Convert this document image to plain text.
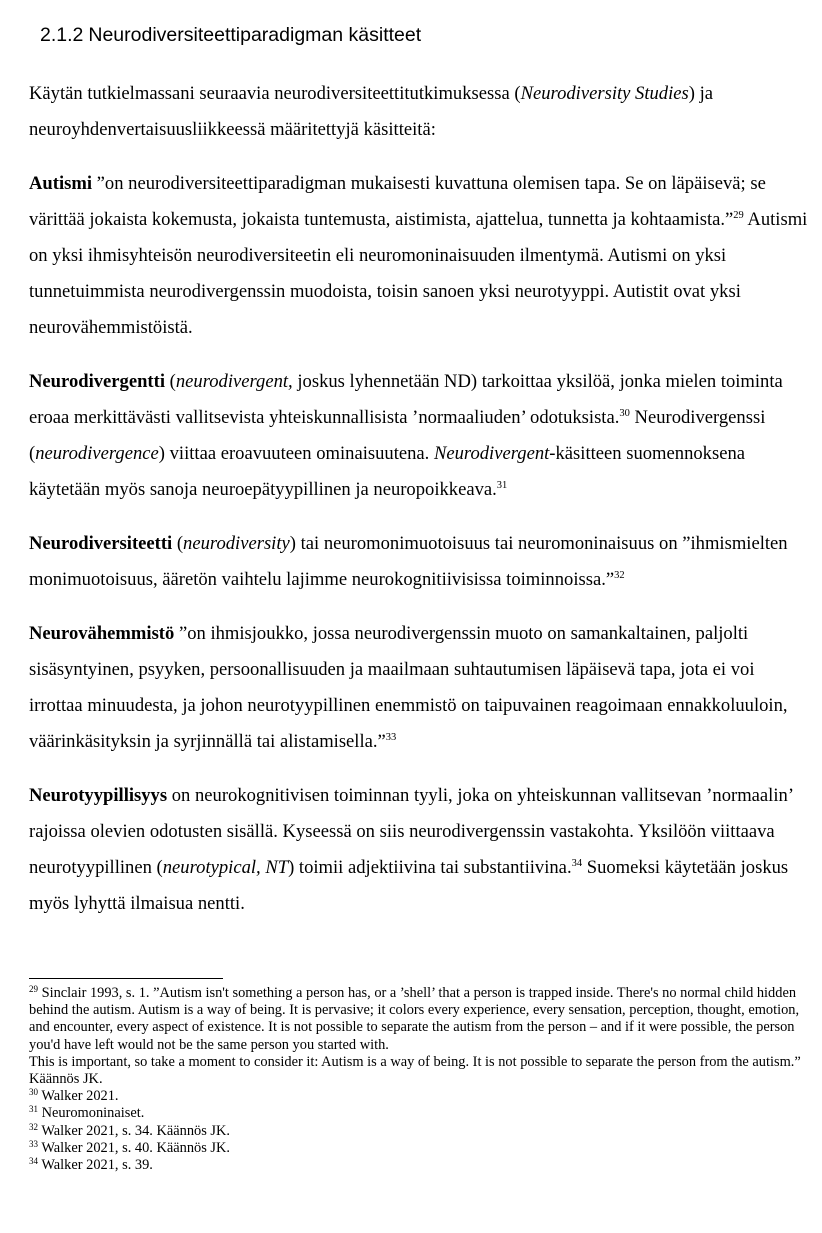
2.1.2 Neurodiversiteettiparadigman käsitteet

Käytän tutkielmassani seuraavia neurodiversiteettitutkimuksessa (Neurodiversity Studies) ja neuroyhdenvertaisuusliikkeessä määritettyjä käsitteitä:

Autismi ”on neurodiversiteettiparadigman mukaisesti kuvattuna olemisen tapa. Se on läpäisevä; se värittää jokaista kokemusta, jokaista tuntemusta, aistimista, ajattelua, tunnetta ja kohtaamista.”$^{29}$ Autismi on yksi ihmisyhteisön neurodiversiteetin eli neuromoninaisuuden ilmentymä. Autismi on yksi tunnetuimmista neurodivergenssin muodoista, toisin sanoen yksi neurotyyppi. Autistit ovat yksi neurovähemmistöistä.

Neurodivergentti (neurodivergent, joskus lyhennetään ND) tarkoittaa yksilöä, jonka mielen toiminta eroaa merkittävästi vallitsevista yhteiskunnallisista ’normaaliuden’ odotuksista.$^{30}$ Neurodivergenssi (neurodivergence) viittaa eroavuuteen ominaisuutena. Neurodivergent-käsitteen suomennoksena käytetään myös sanoja neuroepätyypillinen ja neuropoikkeava.$^{31}$

Neurodiversiteetti (neurodiversity) tai neuromonimuotoisuus tai neuromoninaisuus on ”ihmismielten monimuotoisuus, ääretön vaihtelu lajimme neurokognitiivisissa toiminnoissa.”$^{32}$

Neurovähemmistö ”on ihmisjoukko, jossa neurodivergenssin muoto on samankaltainen, paljolti sisäsyntyinen, psyyken, persoonallisuuden ja maailmaan suhtautumisen läpäisevä tapa, jota ei voi irrottaa minuudesta, ja johon neurotyypillinen enemmistö on taipuvainen reagoimaan ennakkoluuloin, väärinkäsityksin ja syrjinnällä tai alistamisella.”$^{33}$

Neurotyypillisyys on neurokognitivisen toiminnan tyyli, joka on yhteiskunnan vallitsevan ’normaalin’ rajoissa olevien odotusten sisällä. Kyseessä on siis neurodivergenssin vastakohta. Yksilöön viittaava neurotyypillinen (neurotypical, NT) toimii adjektiivina tai substantiivina.$^{34}$ Suomeksi käytetään joskus myös lyhyttä ilmaisua nentti.

$^{29}$ Sinclair 1993, s. 1. ”Autism isn't something a person has, or a ’shell’ that a person is trapped inside. There's no normal child hidden behind the autism. Autism is a way of being. It is pervasive; it colors every experience, every sensation, perception, thought, emotion, and encounter, every aspect of existence. It is not possible to separate the autism from the person – and if it were possible, the person you'd have left would not be the same person you started with.

This is important, so take a moment to consider it: Autism is a way of being. It is not possible to separate the person from the autism.” Käännös JK.

$^{30}$ Walker 2021.

$^{31}$ Neuromoninaiset.

$^{32}$ Walker 2021, s. 34. Käännös JK.

$^{33}$ Walker 2021, s. 40. Käännös JK.

$^{34}$ Walker 2021, s. 39.
